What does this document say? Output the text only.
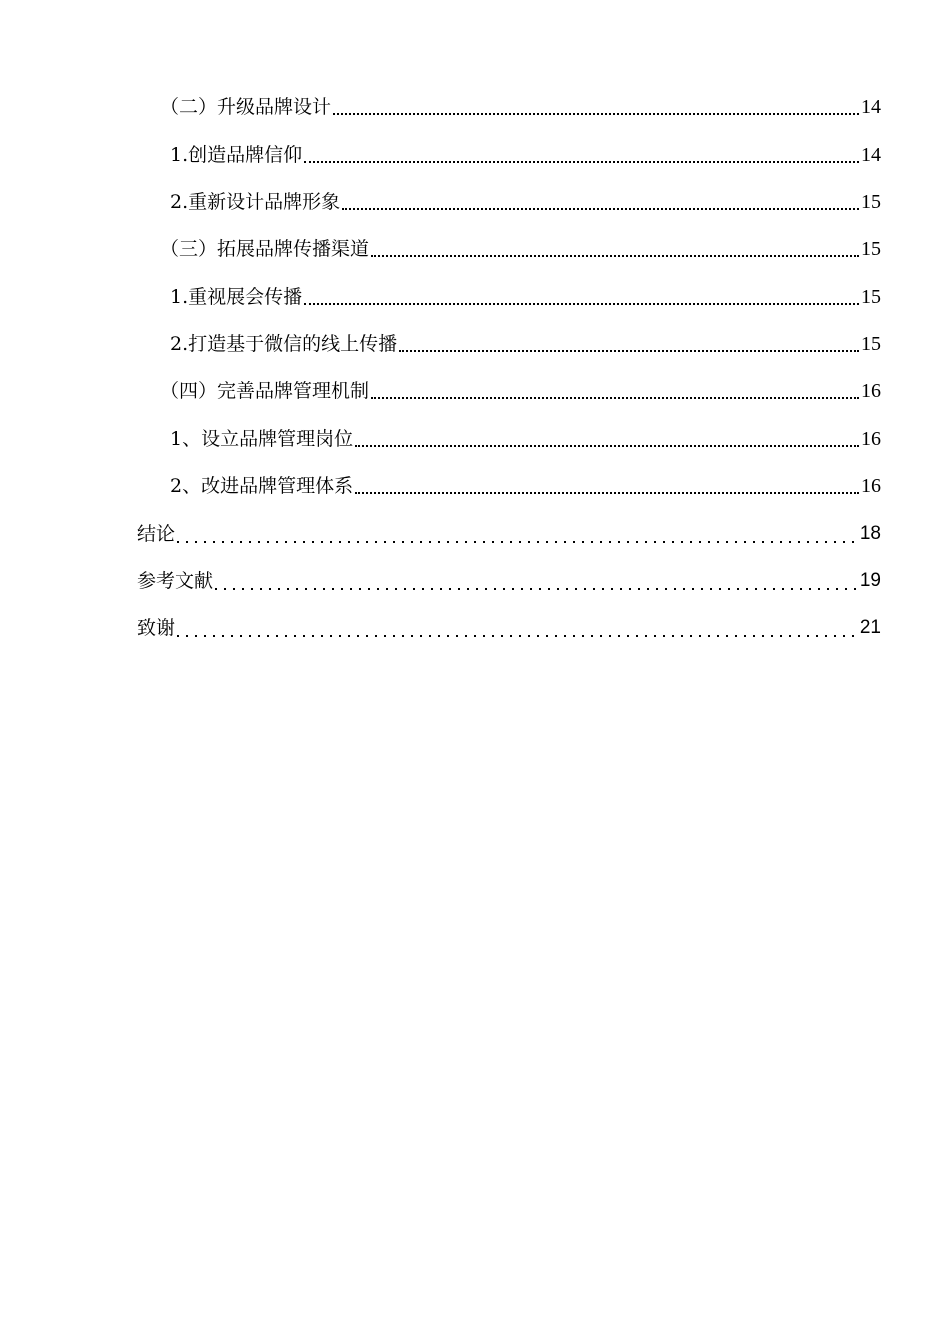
（二）升级品牌设计	14
1.创造品牌信仰	14
2.重新设计品牌形象	15
（三）拓展品牌传播渠道	15
1.重视展会传播	15
2.打造基于微信的线上传播	15
（四）完善品牌管理机制	16
1、设立品牌管理岗位	16
2、改进品牌管理体系	16
结论	18
参考文献	19
致谢	21
